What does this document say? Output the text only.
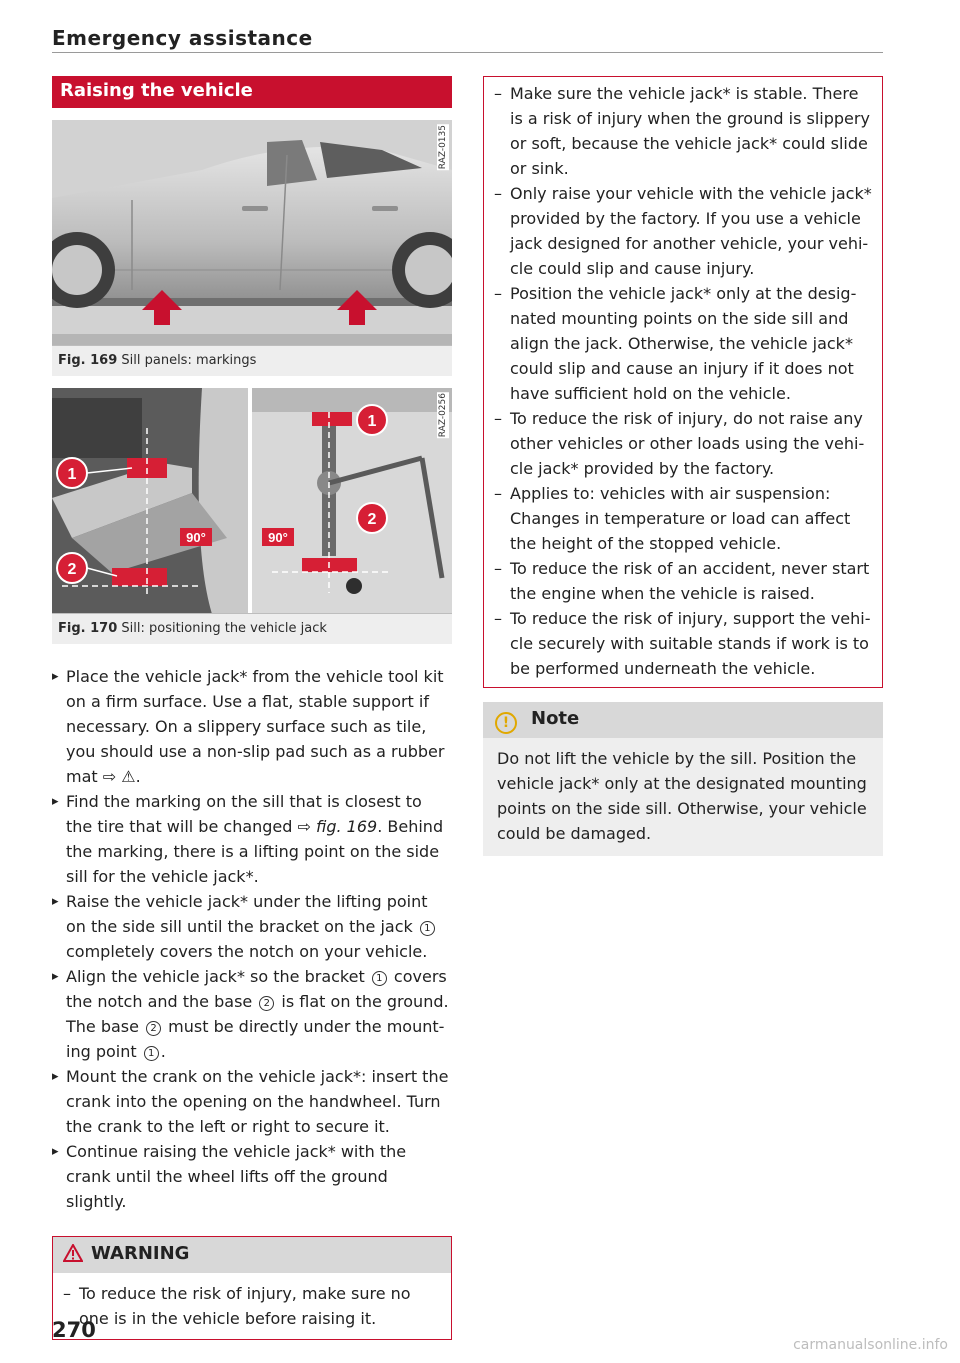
Emergency assistance
Raising the vehicle
RAZ-0135
Fig. 169 Sill panels: markings
90°
1
2
90°
1
2
RAZ-0256
Fig. 170 Sill: positioning the vehicle jack
▸ Place the vehicle jack* from the vehicle tool kit on a firm surface. Use a flat, stable support if necessary. On a slippery surface such as tile, you should use a non-slip pad such as a rubber mat ⇨ ⚠.
▸ Find the marking on the sill that is closest to the tire that will be changed ⇨ fig. 169. Behind the marking, there is a lifting point on the side sill for the vehicle jack*.
▸ Raise the vehicle jack* under the lifting point on the side sill until the bracket on the jack 1 completely covers the notch on your vehicle.
▸ Align the vehicle jack* so the bracket 1 covers the notch and the base 2 is flat on the ground. The base 2 must be directly under the mount-ing point 1 .
▸ Mount the crank on the vehicle jack*: insert the crank into the opening on the handwheel. Turn the crank to the left or right to secure it.
▸ Continue raising the vehicle jack* with the crank until the wheel lifts off the ground slightly.
WARNING
– To reduce the risk of injury, make sure no one is in the vehicle before raising it.
– Make sure the vehicle jack* is stable. There is a risk of injury when the ground is slippery or soft, because the vehicle jack* could slide or sink.
– Only raise your vehicle with the vehicle jack* provided by the factory. If you use a vehicle jack designed for another vehicle, your vehi-cle could slip and cause injury.
– Position the vehicle jack* only at the desig-nated mounting points on the side sill and align the jack. Otherwise, the vehicle jack* could slip and cause an injury if it does not have sufficient hold on the vehicle.
– To reduce the risk of injury, do not raise any other vehicles or other loads using the vehi-cle jack* provided by the factory.
– Applies to: vehicles with air suspension: Changes in temperature or load can affect the height of the stopped vehicle.
– To reduce the risk of an accident, never start the engine when the vehicle is raised.
– To reduce the risk of injury, support the vehi-cle securely with suitable stands if work is to be performed underneath the vehicle.
! Note
Do not lift the vehicle by the sill. Position the vehicle jack* only at the designated mounting points on the side sill. Otherwise, your vehicle could be damaged.
270
carmanualsonline.info
